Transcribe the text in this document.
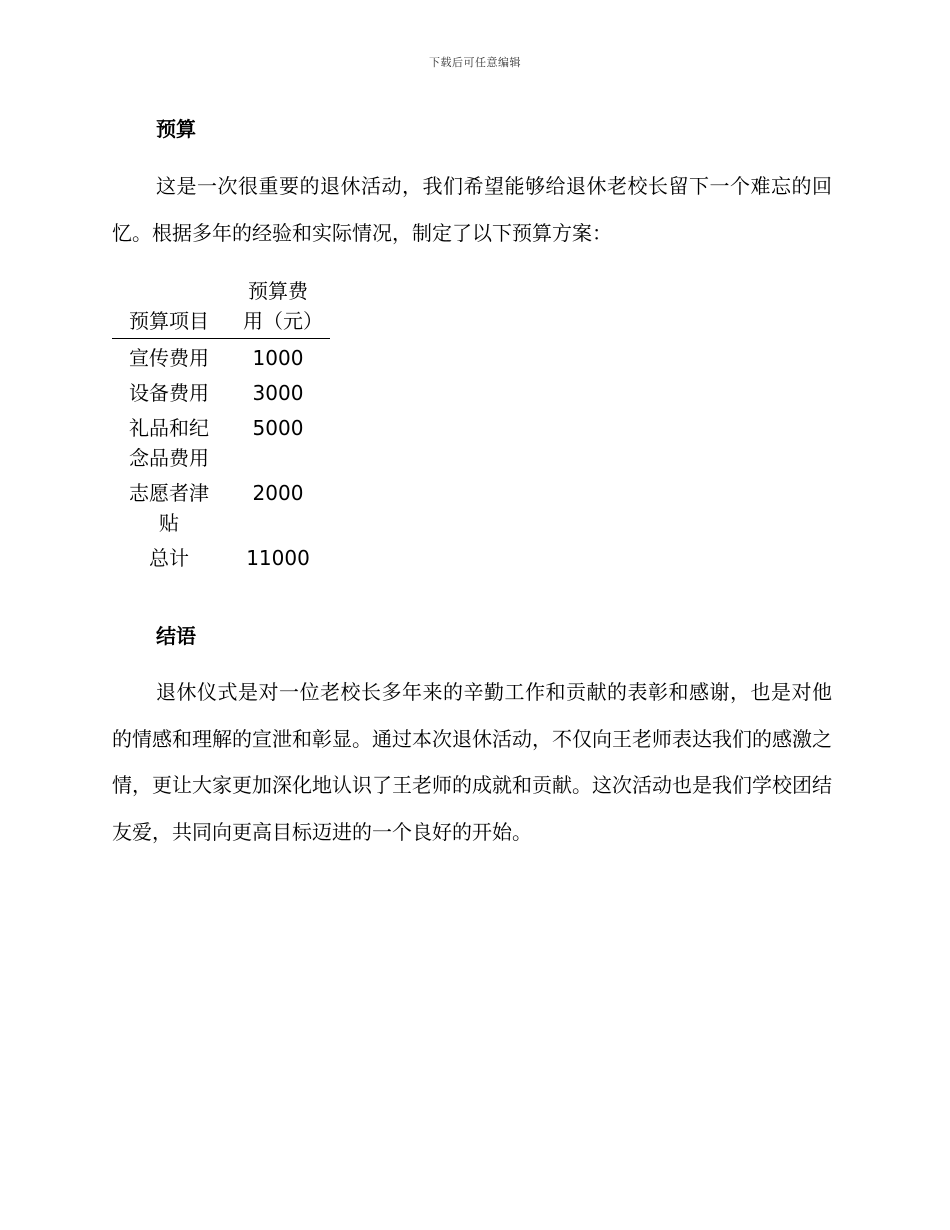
下载后可任意编辑
预算
这是一次很重要的退休活动，我们希望能够给退休老校长留下一个难忘的回忆。根据多年的经验和实际情况，制定了以下预算方案：
预算项目	预算费用（元）
宣传费用	1000
设备费用	3000
礼品和纪念品费用	5000
志愿者津贴	2000
总计	11000
结语
退休仪式是对一位老校长多年来的辛勤工作和贡献的表彰和感谢，也是对他的情感和理解的宣泄和彰显。通过本次退休活动，不仅向王老师表达我们的感激之情，更让大家更加深化地认识了王老师的成就和贡献。这次活动也是我们学校团结友爱，共同向更高目标迈进的一个良好的开始。
